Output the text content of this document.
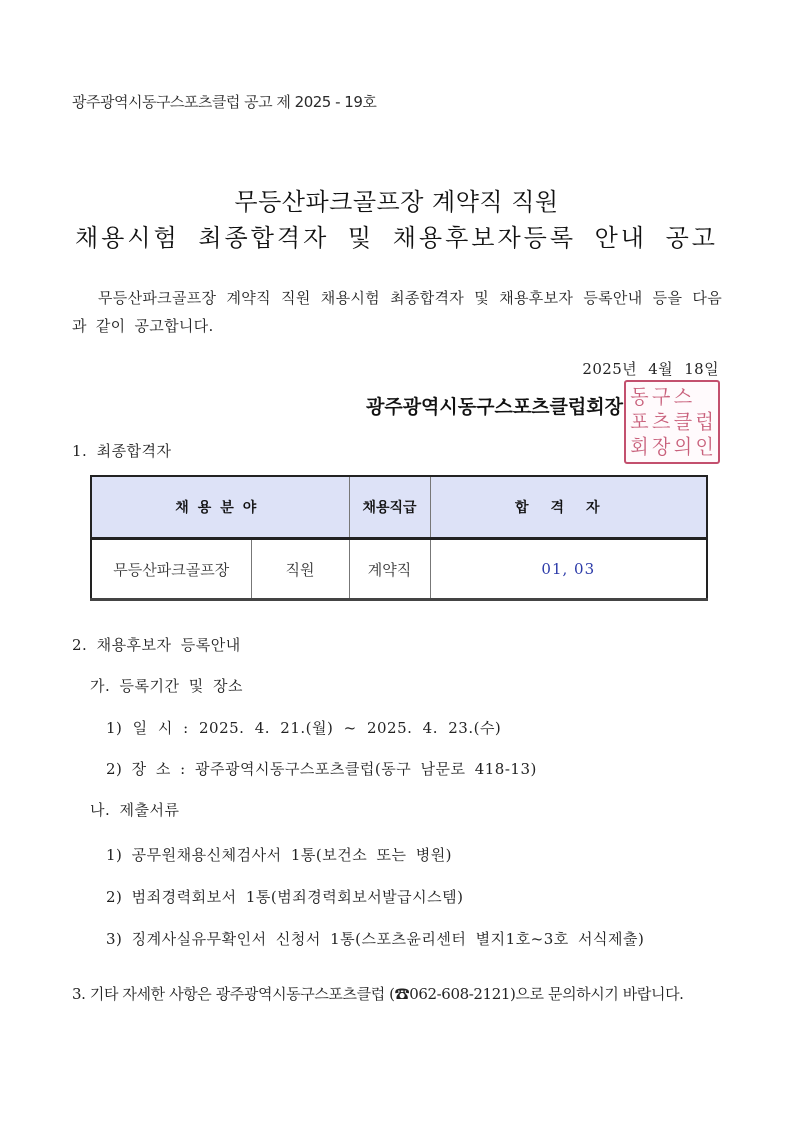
광주광역시동구스포츠클럽 공고 제 2025 - 19호
무등산파크골프장 계약직 직원
채용시험 최종합격자 및 채용후보자등록 안내 공고
무등산파크골프장 계약직 직원 채용시험 최종합격자 및 채용후보자 등록안내 등을 다음과 같이 공고합니다.
2025년 4월 18일
동 구 스
포 츠 클 럽
회 장 의 인
광주광역시동구스포츠클럽회장
1. 최종합격자
채용분야		채용직급	합격자
무등산파크골프장	직원	계약직	01, 03
2. 채용후보자 등록안내
가. 등록기간 및 장소
1) 일 시 : 2025. 4. 21.(월) ~ 2025. 4. 23.(수)
2) 장 소 : 광주광역시동구스포츠클럽(동구 남문로 418-13)
나. 제출서류
1) 공무원채용신체검사서 1통(보건소 또는 병원)
2) 범죄경력회보서 1통(범죄경력회보서발급시스템)
3) 징계사실유무확인서 신청서 1통(스포츠윤리센터 별지1호~3호 서식제출)
3. 기타 자세한 사항은 광주광역시동구스포츠클럽 (☎062-608-2121)으로 문의하시기 바랍니다.
